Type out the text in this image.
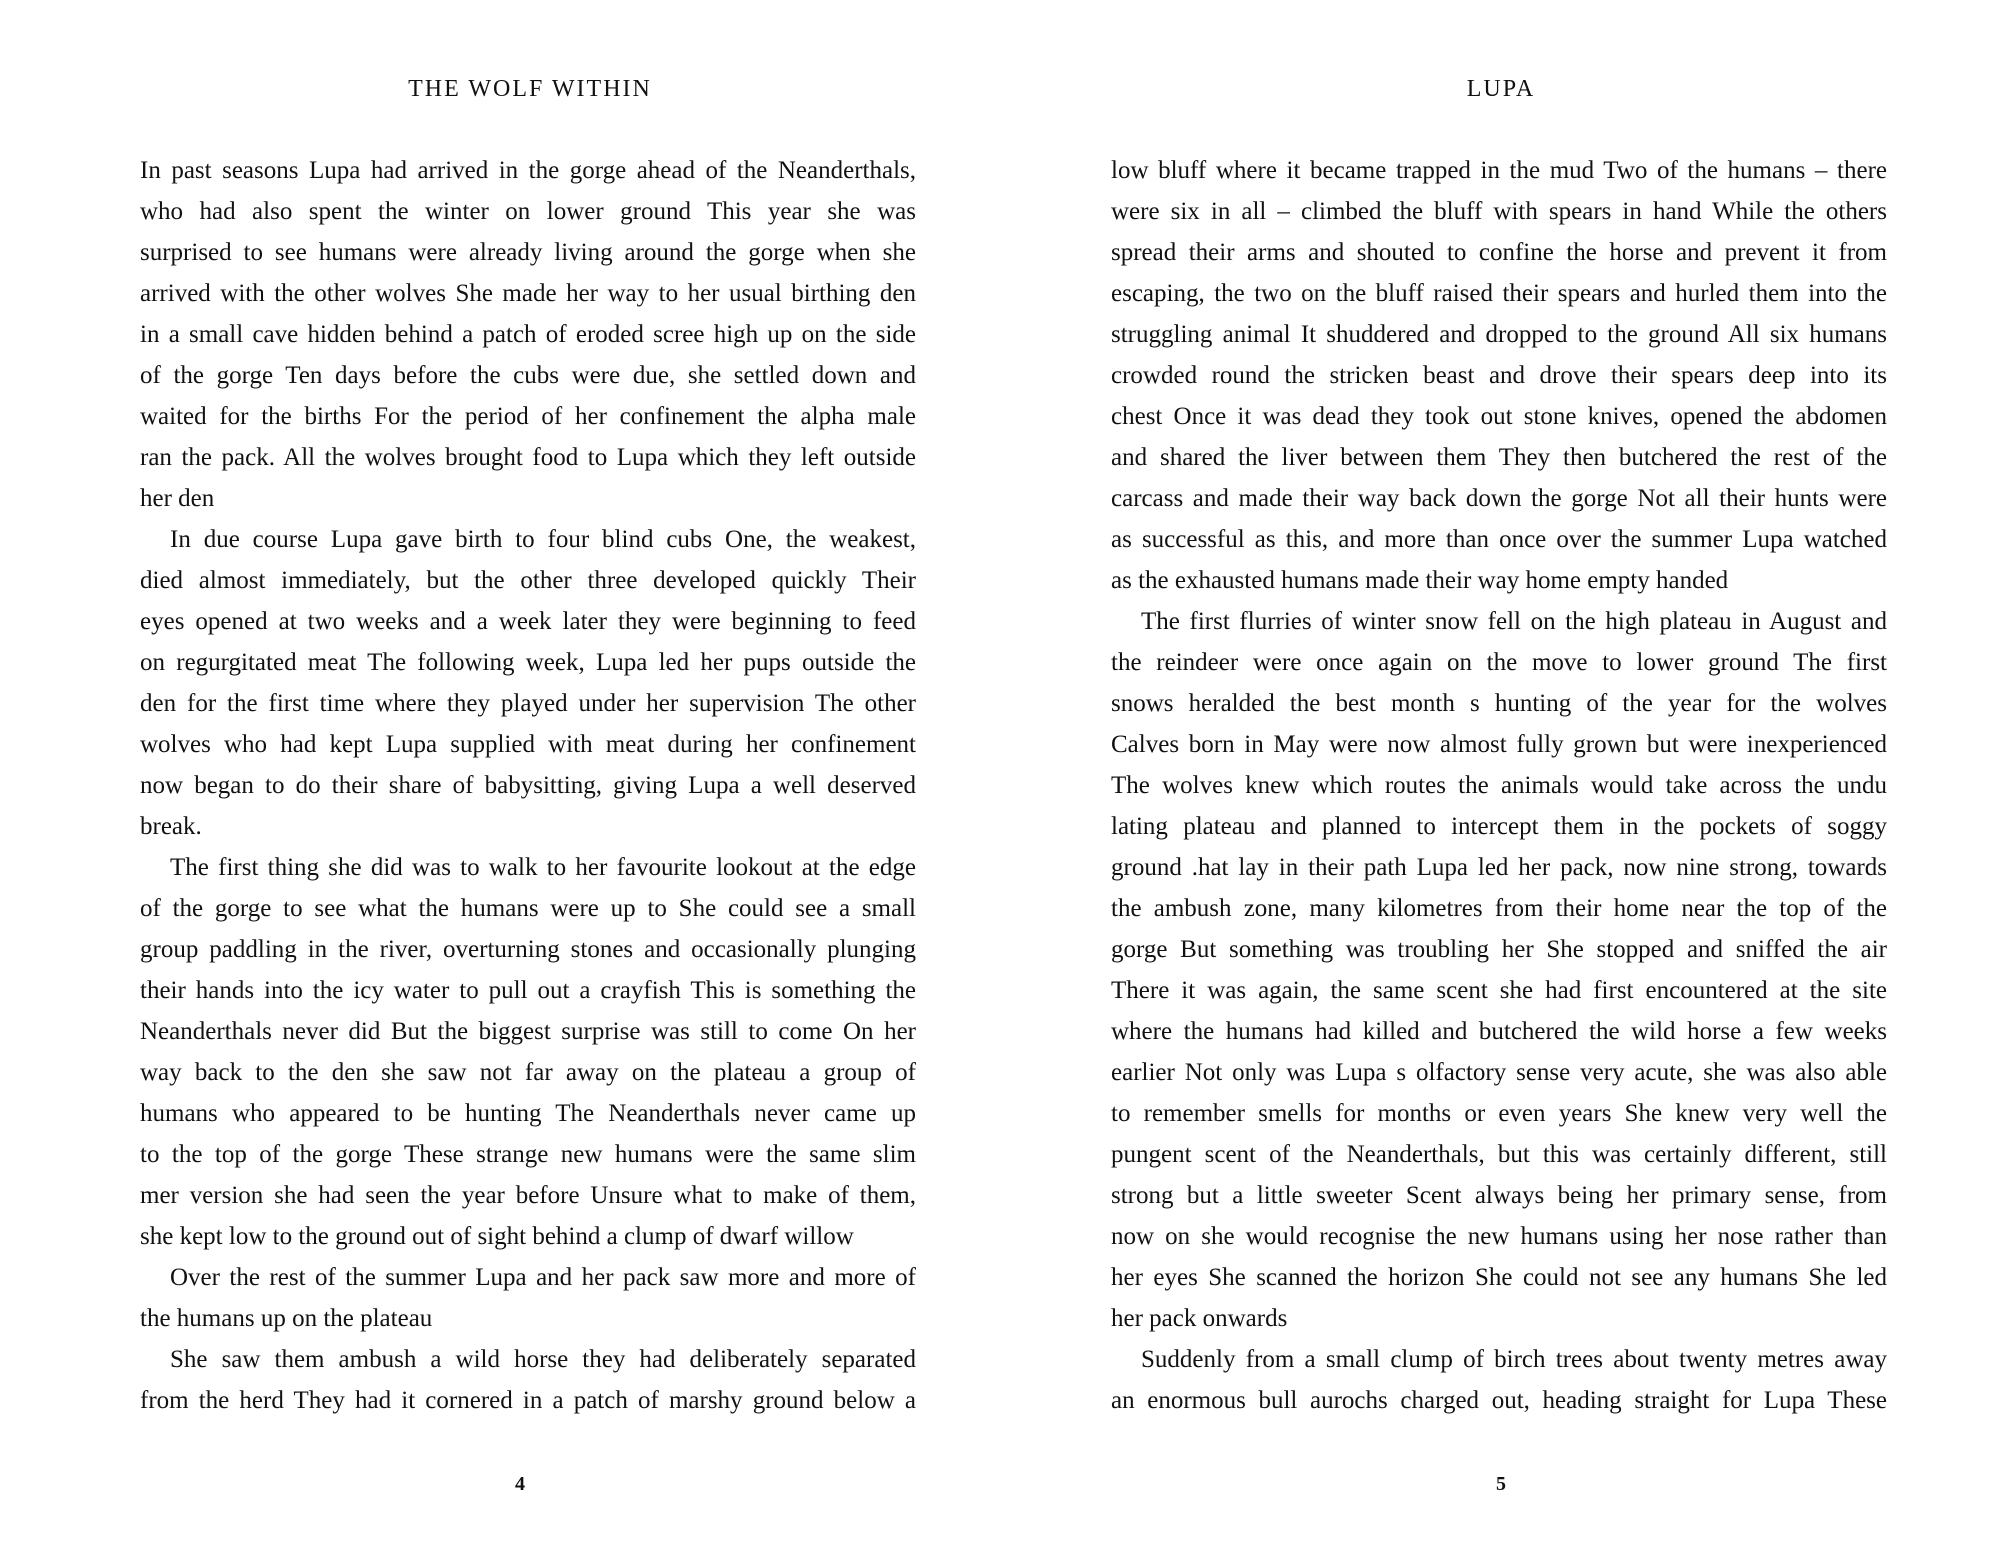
THE WOLF WITHIN
In past seasons Lupa had arrived in the gorge ahead of the Neanderthals,
who had also spent the winter on lower ground This year she was
surprised to see humans were already living around the gorge when she
arrived with the other wolves She made her way to her usual birthing den
in a small cave hidden behind a patch of eroded scree high up on the side
of the gorge Ten days before the cubs were due, she settled down and
waited for the births For the period of her confinement the alpha male
ran the pack. All the wolves brought food to Lupa which they left outside
her den
In due course Lupa gave birth to four blind cubs One, the weakest,
died almost immediately, but the other three developed quickly Their
eyes opened at two weeks and a week later they were beginning to feed
on regurgitated meat The following week, Lupa led her pups outside the
den for the first time where they played under her supervision The other
wolves who had kept Lupa supplied with meat during her confinement
now began to do their share of babysitting, giving Lupa a well deserved
break.
The first thing she did was to walk to her favourite lookout at the edge
of the gorge to see what the humans were up to She could see a small
group paddling in the river, overturning stones and occasionally plunging
their hands into the icy water to pull out a crayfish This is something the
Neanderthals never did But the biggest surprise was still to come On her
way back to the den she saw not far away on the plateau a group of
humans who appeared to be hunting The Neanderthals never came up
to the top of the gorge These strange new humans were the same slim
mer version she had seen the year before Unsure what to make of them,
she kept low to the ground out of sight behind a clump of dwarf willow
Over the rest of the summer Lupa and her pack saw more and more of
the humans up on the plateau
She saw them ambush a wild horse they had deliberately separated
from the herd They had it cornered in a patch of marshy ground below a
4
LUPA
low bluff where it became trapped in the mud Two of the humans – there
were six in all – climbed the bluff with spears in hand While the others
spread their arms and shouted to confine the horse and prevent it from
escaping, the two on the bluff raised their spears and hurled them into the
struggling animal It shuddered and dropped to the ground All six humans
crowded round the stricken beast and drove their spears deep into its
chest Once it was dead they took out stone knives, opened the abdomen
and shared the liver between them They then butchered the rest of the
carcass and made their way back down the gorge Not all their hunts were
as successful as this, and more than once over the summer Lupa watched
as the exhausted humans made their way home empty handed
The first flurries of winter snow fell on the high plateau in August and
the reindeer were once again on the move to lower ground The first
snows heralded the best month s hunting of the year for the wolves
Calves born in May were now almost fully grown but were inexperienced
The wolves knew which routes the animals would take across the undu
lating plateau and planned to intercept them in the pockets of soggy
ground .hat lay in their path Lupa led her pack, now nine strong, towards
the ambush zone, many kilometres from their home near the top of the
gorge But something was troubling her She stopped and sniffed the air
There it was again, the same scent she had first encountered at the site
where the humans had killed and butchered the wild horse a few weeks
earlier Not only was Lupa s olfactory sense very acute, she was also able
to remember smells for months or even years She knew very well the
pungent scent of the Neanderthals, but this was certainly different, still
strong but a little sweeter Scent always being her primary sense, from
now on she would recognise the new humans using her nose rather than
her eyes She scanned the horizon She could not see any humans She led
her pack onwards
Suddenly from a small clump of birch trees about twenty metres away
an enormous bull aurochs charged out, heading straight for Lupa These
5
